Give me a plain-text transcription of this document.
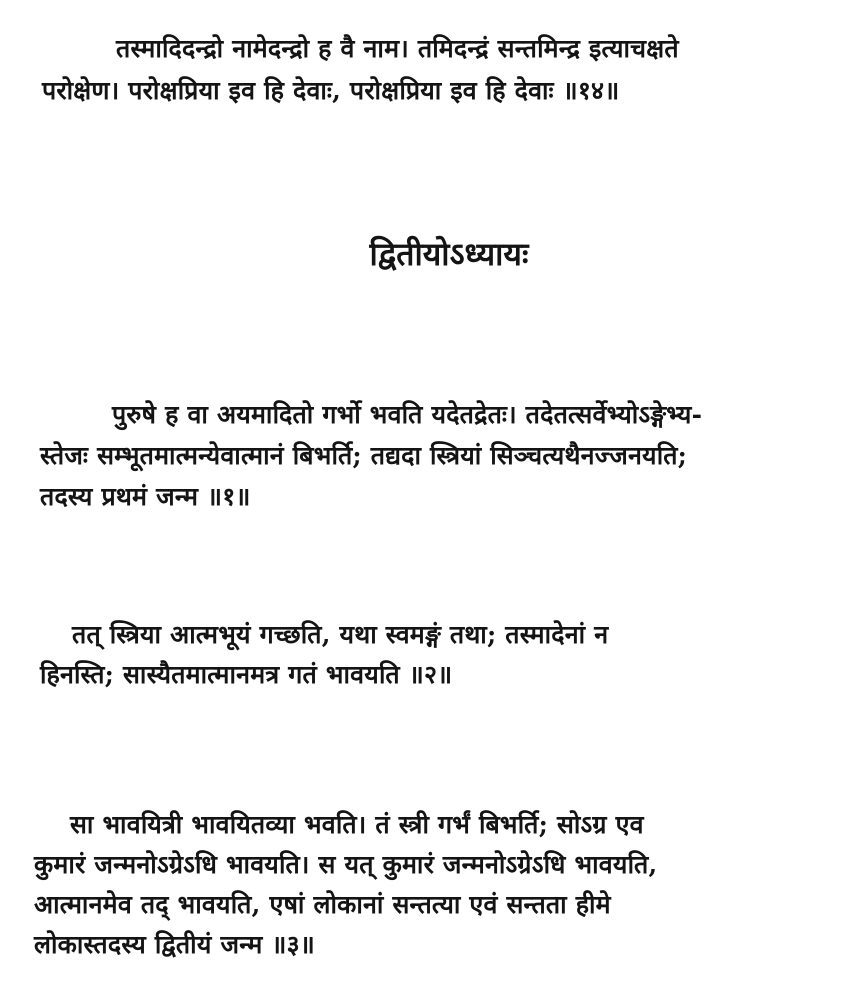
तस्मादिदन्द्रो नामेदन्द्रो ह वै नाम। तमिदन्द्रं सन्तमिन्द्र इत्याचक्षते
परोक्षेण। परोक्षप्रिया इव हि देवाः, परोक्षप्रिया इव हि देवाः ॥१४॥
द्वितीयोऽध्यायः
पुरुषे ह वा अयमादितो गर्भो भवति यदेतद्रेतः। तदेतत्सर्वेभ्योऽङ्गेभ्य-
स्तेजः सम्भूतमात्मन्येवात्मानं बिभर्ति; तद्यदा स्त्रियां सिञ्चत्यथैनज्जनयति;
तदस्य प्रथमं जन्म ॥१॥
तत् स्त्रिया आत्मभूयं गच्छति, यथा स्वमङ्गं तथा; तस्मादेनां न
हिनस्ति; सास्यैतमात्मानमत्र गतं भावयति ॥२॥
सा भावयित्री भावयितव्या भवति। तं स्त्री गर्भं बिभर्ति; सोऽग्र एव
कुमारं जन्मनोऽग्रेऽधि भावयति। स यत् कुमारं जन्मनोऽग्रेऽधि भावयति,
आत्मानमेव तद् भावयति, एषां लोकानां सन्तत्या एवं सन्तता हीमे
लोकास्तदस्य द्वितीयं जन्म ॥३॥
